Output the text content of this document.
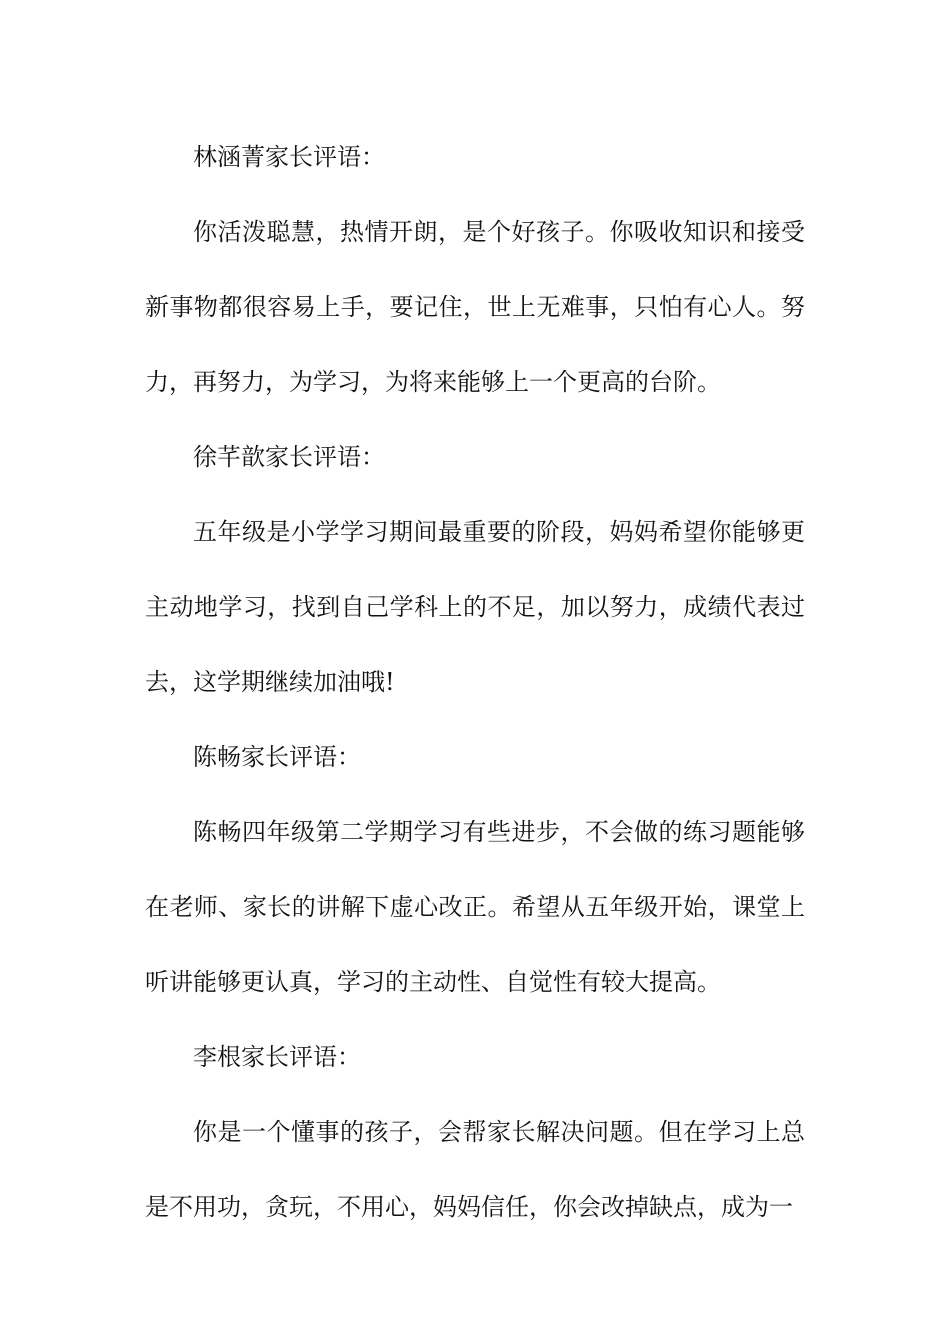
林涵菁家长评语：

你活泼聪慧，热情开朗，是个好孩子。你吸收知识和接受新事物都很容易上手，要记住，世上无难事，只怕有心人。努力，再努力，为学习，为将来能够上一个更高的台阶。

徐芊歆家长评语：

五年级是小学学习期间最重要的阶段，妈妈希望你能够更主动地学习，找到自己学科上的不足，加以努力，成绩代表过去，这学期继续加油哦!

陈畅家长评语：

陈畅四年级第二学期学习有些进步，不会做的练习题能够在老师、家长的讲解下虚心改正。希望从五年级开始，课堂上听讲能够更认真，学习的主动性、自觉性有较大提高。

李根家长评语：

你是一个懂事的孩子，会帮家长解决问题。但在学习上总是不用功，贪玩，不用心，妈妈信任，你会改掉缺点，成为一
